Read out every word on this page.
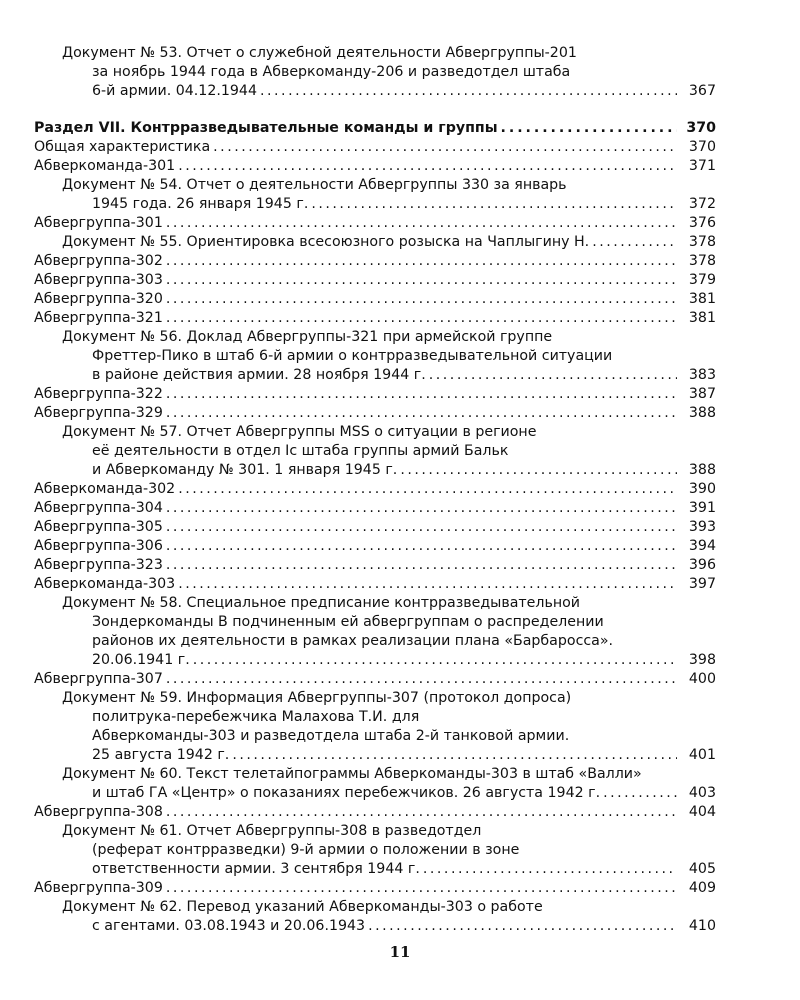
Документ № 53. Отчет о служебной деятельности Абвергруппы-201
за ноябрь 1944 года в Абверкоманду-206 и разведотдел штаба
6-й армии. 04.12.1944 . . .	367
Раздел VII. Контрразведывательные команды и группы . . .	370
Общая характеристика . . .	370
Абверкоманда-301 . . .	371
Документ № 54. Отчет о деятельности Абвергруппы 330 за январь
1945 года. 26 января 1945 г. . . .	372
Абвергруппа-301 . . .	376
Документ № 55. Ориентировка всесоюзного розыска на Чаплыгину Н. . . .	378
Абвергруппа-302 . . .	378
Абвергруппа-303 . . .	379
Абвергруппа-320 . . .	381
Абвергруппа-321 . . .	381
Документ № 56. Доклад Абвергруппы-321 при армейской группе
Фреттер-Пико в штаб 6-й армии о контрразведывательной ситуации
в районе действия армии. 28 ноября 1944 г. . . .	383
Абвергруппа-322 . . .	387
Абвергруппа-329 . . .	388
Документ № 57. Отчет Абвергруппы MSS о ситуации в регионе
её деятельности в отдел Iс штаба группы армий Бальк
и Абверкоманду № 301. 1 января 1945 г. . . .	388
Абверкоманда-302 . . .	390
Абвергруппа-304 . . .	391
Абвергруппа-305 . . .	393
Абвергруппа-306 . . .	394
Абвергруппа-323 . . .	396
Абверкоманда-303 . . .	397
Документ № 58. Специальное предписание контрразведывательной
Зондеркоманды В подчиненным ей абвергруппам о распределении
районов их деятельности в рамках реализации плана «Барбаросса».
20.06.1941 г. . . .	398
Абвергруппа-307 . . .	400
Документ № 59. Информация Абвергруппы-307 (протокол допроса)
политрука-перебежчика Малахова Т.И. для
Абверкоманды-303 и разведотдела штаба 2-й танковой армии.
25 августа 1942 г. . . .	401
Документ № 60. Текст телетайпограммы Абверкоманды-303 в штаб «Валли»
и штаб ГА «Центр» о показаниях перебежчиков. 26 августа 1942 г. . . .	403
Абвергруппа-308 . . .	404
Документ № 61. Отчет Абвергруппы-308 в разведотдел
(реферат контрразведки) 9-й армии о положении в зоне
ответственности армии. 3 сентября 1944 г. . . .	405
Абвергруппа-309 . . .	409
Документ № 62. Перевод указаний Абверкоманды-303 о работе
с агентами. 03.08.1943 и 20.06.1943 . . .	410
11
